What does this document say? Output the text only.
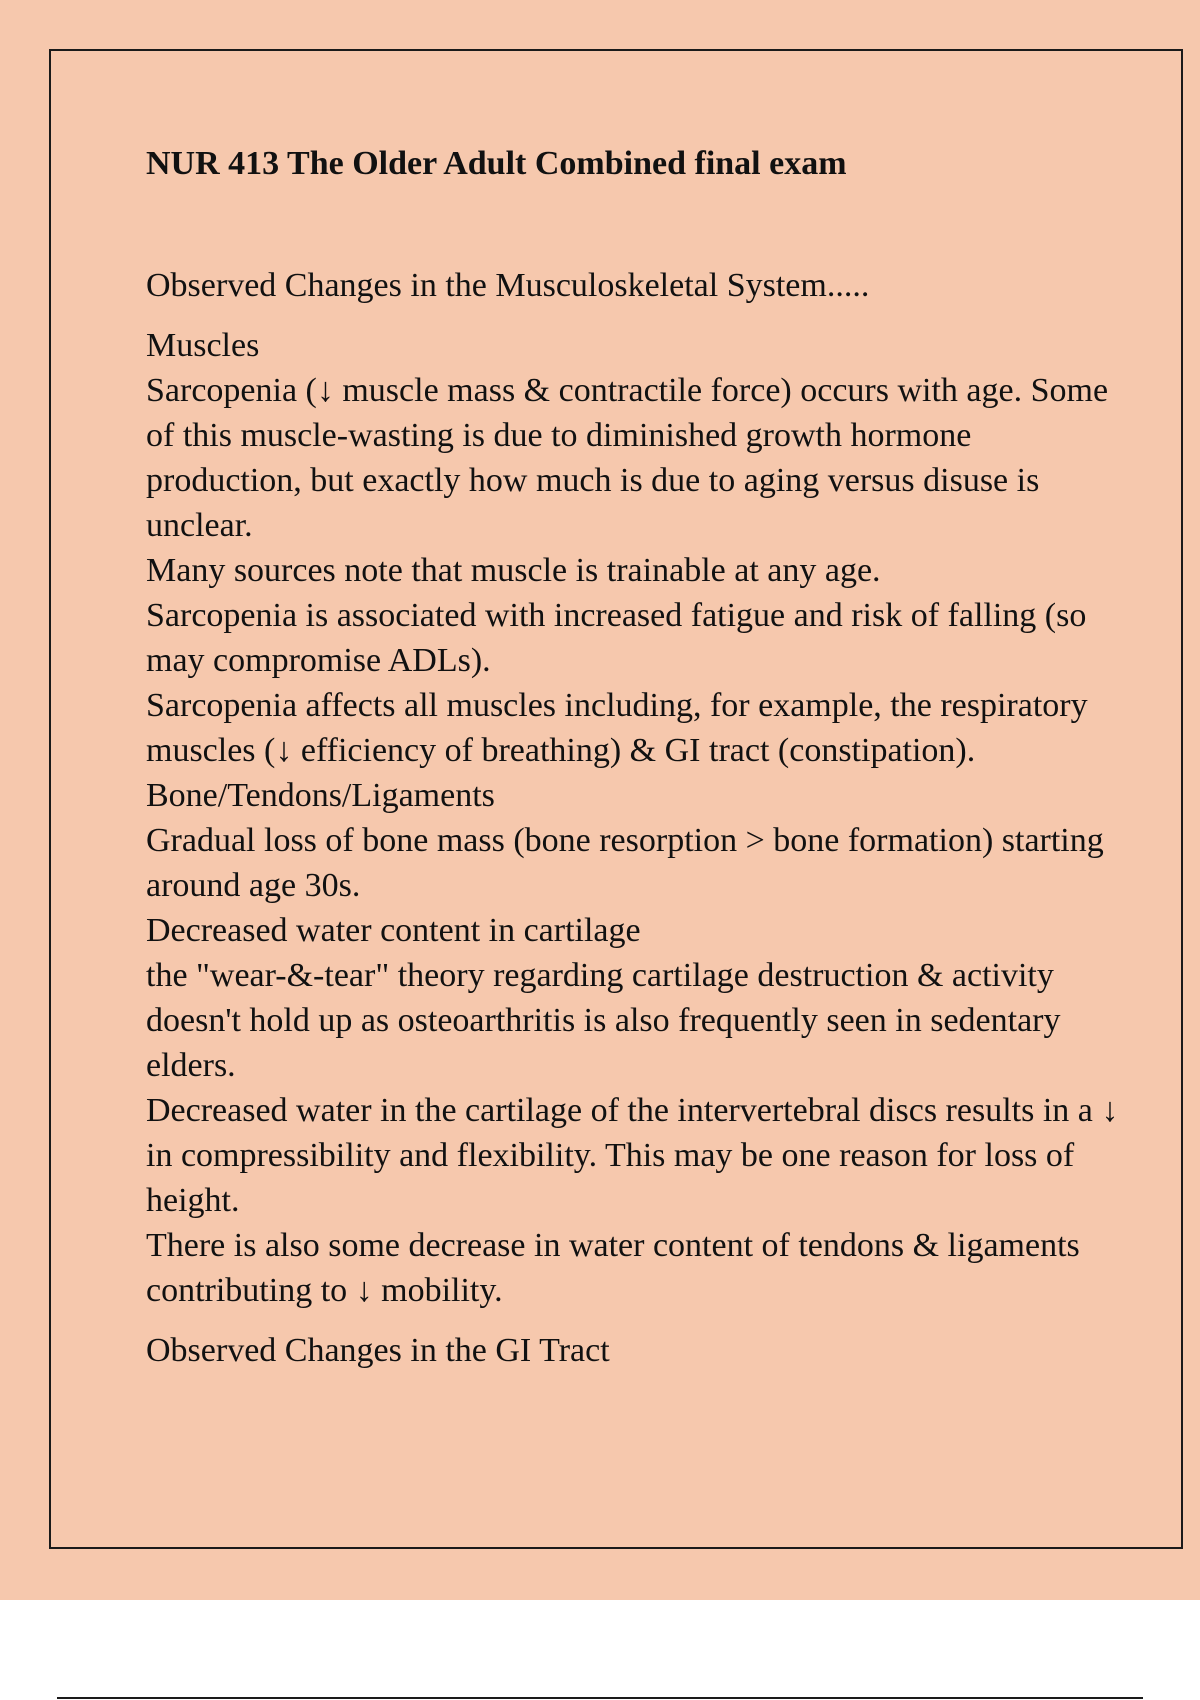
NUR 413 The Older Adult Combined final exam

Observed Changes in the Musculoskeletal System.....

Muscles

Sarcopenia (↓ muscle mass & contractile force) occurs with age. Some of this muscle-wasting is due to diminished growth hormone production, but exactly how much is due to aging versus disuse is unclear.

Many sources note that muscle is trainable at any age.

Sarcopenia is associated with increased fatigue and risk of falling (so may compromise ADLs).

Sarcopenia affects all muscles including, for example, the respiratory muscles (↓ efficiency of breathing) & GI tract (constipation).

Bone/Tendons/Ligaments

Gradual loss of bone mass (bone resorption > bone formation) starting around age 30s.

Decreased water content in cartilage

the "wear-&-tear" theory regarding cartilage destruction & activity doesn't hold up as osteoarthritis is also frequently seen in sedentary elders.

Decreased water in the cartilage of the intervertebral discs results in a ↓ in compressibility and flexibility. This may be one reason for loss of height.

There is also some decrease in water content of tendons & ligaments contributing to ↓ mobility.

Observed Changes in the GI Tract
